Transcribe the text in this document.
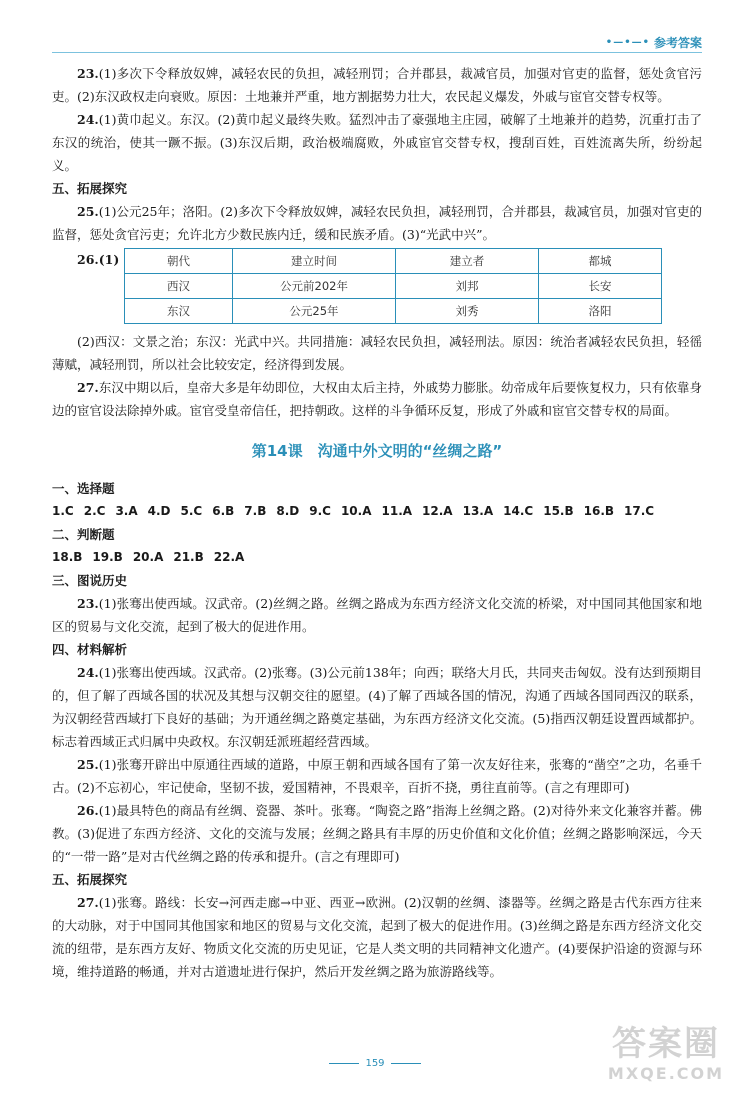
•—•—• 参考答案

23.(1)多次下令释放奴婢，减轻农民的负担，减轻刑罚；合并郡县，裁减官员，加强对官吏的监督，惩处贪官污吏。(2)东汉政权走向衰败。原因：土地兼并严重，地方割据势力壮大，农民起义爆发，外戚与宦官交替专权等。

24.(1)黄巾起义。东汉。(2)黄巾起义最终失败。猛烈冲击了豪强地主庄园，破解了土地兼并的趋势，沉重打击了东汉的统治，使其一蹶不振。(3)东汉后期，政治极端腐败，外戚宦官交替专权，搜刮百姓，百姓流离失所，纷纷起义。

五、拓展探究

25.(1)公元25年；洛阳。(2)多次下令释放奴婢，减轻农民负担，减轻刑罚，合并郡县，裁减官员，加强对官吏的监督，惩处贪官污吏；允许北方少数民族内迁，缓和民族矛盾。(3)“光武中兴”。

26.(1)	朝代	建立时间	建立者	都城
西汉	公元前202年	刘邦	长安
东汉	公元25年	刘秀	洛阳

(2)西汉：文景之治；东汉：光武中兴。共同措施：减轻农民负担，减轻刑法。原因：统治者减轻农民负担，轻徭薄赋，减轻刑罚，所以社会比较安定，经济得到发展。

27.东汉中期以后，皇帝大多是年幼即位，大权由太后主持，外戚势力膨胀。幼帝成年后要恢复权力，只有依靠身边的宦官设法除掉外戚。宦官受皇帝信任，把持朝政。这样的斗争循环反复，形成了外戚和宦官交替专权的局面。

第14课　沟通中外文明的“丝绸之路”

一、选择题

1.C 2.C 3.A 4.D 5.C 6.B 7.B 8.D 9.C 10.A 11.A 12.A 13.A 14.C 15.B 16.B 17.C

二、判断题

18.B 19.B 20.A 21.B 22.A

三、图说历史

23.(1)张骞出使西域。汉武帝。(2)丝绸之路。丝绸之路成为东西方经济文化交流的桥梁，对中国同其他国家和地区的贸易与文化交流，起到了极大的促进作用。

四、材料解析

24.(1)张骞出使西域。汉武帝。(2)张骞。(3)公元前138年；向西；联络大月氏，共同夹击匈奴。没有达到预期目的，但了解了西域各国的状况及其想与汉朝交往的愿望。(4)了解了西域各国的情况，沟通了西域各国同西汉的联系，为汉朝经营西域打下良好的基础；为开通丝绸之路奠定基础，为东西方经济文化交流。(5)指西汉朝廷设置西域都护。标志着西域正式归属中央政权。东汉朝廷派班超经营西域。

25.(1)张骞开辟出中原通往西域的道路，中原王朝和西域各国有了第一次友好往来，张骞的“凿空”之功，名垂千古。(2)不忘初心，牢记使命，坚韧不拔，爱国精神，不畏艰辛，百折不挠，勇往直前等。(言之有理即可)

26.(1)最具特色的商品有丝绸、瓷器、茶叶。张骞。“陶瓷之路”指海上丝绸之路。(2)对待外来文化兼容并蓄。佛教。(3)促进了东西方经济、文化的交流与发展；丝绸之路具有丰厚的历史价值和文化价值；丝绸之路影响深远，今天的“一带一路”是对古代丝绸之路的传承和提升。(言之有理即可)

五、拓展探究

27.(1)张骞。路线：长安→河西走廊→中亚、西亚→欧洲。(2)汉朝的丝绸、漆器等。丝绸之路是古代东西方往来的大动脉，对于中国同其他国家和地区的贸易与文化交流，起到了极大的促进作用。(3)丝绸之路是东西方经济文化交流的纽带，是东西方友好、物质文化交流的历史见证，它是人类文明的共同精神文化遗产。(4)要保护沿途的资源与环境，维持道路的畅通，并对古道遗址进行保护，然后开发丝绸之路为旅游路线等。

159	答案圈
MXQE.COM
